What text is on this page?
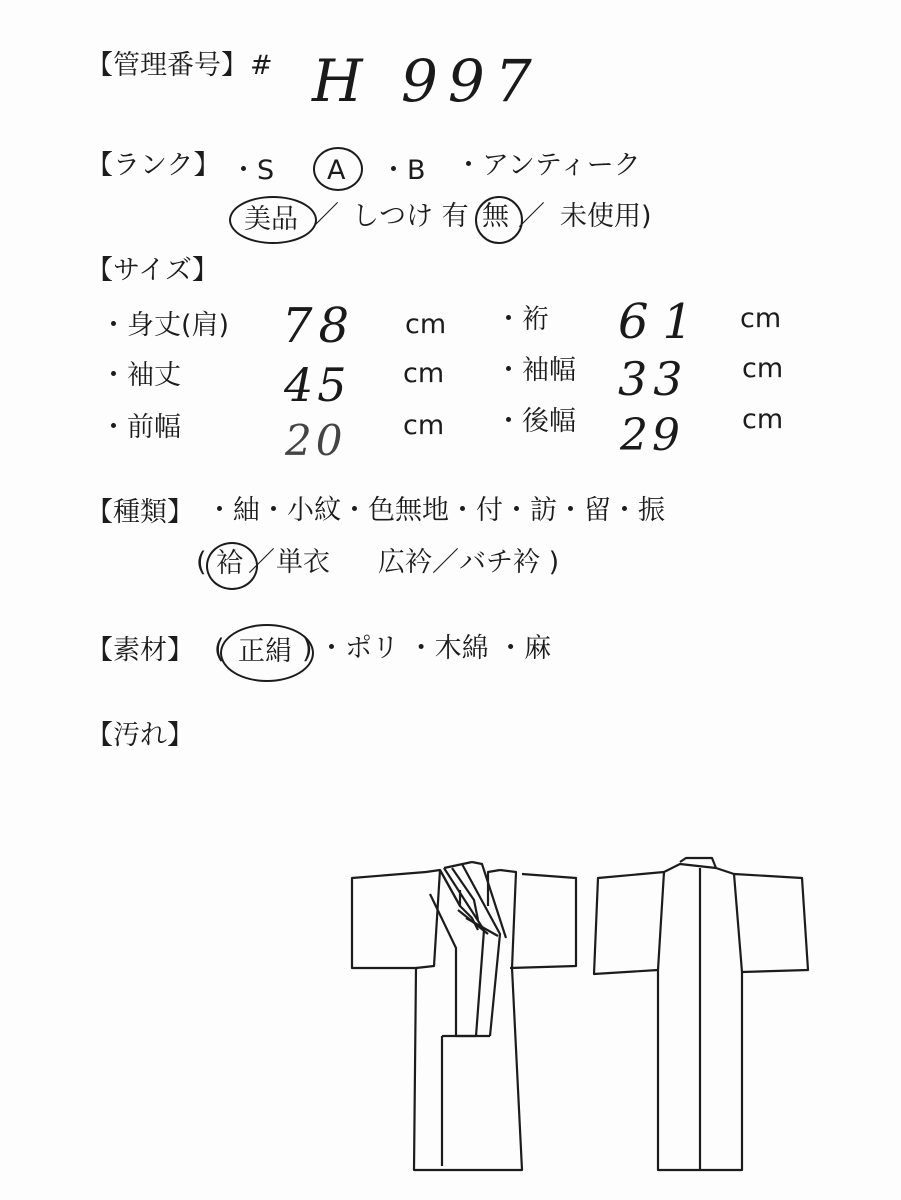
【管理番号】 # H 997
【ランク】 ・S A ・B ・アンティーク
美品 ／ しつけ 有 無 ／ 未使用)
【サイズ】
・身丈(肩) 78 cm ・裄 61 cm
・袖丈 45 cm ・袖幅 33 cm
・前幅 20 cm ・後幅 29 cm
【種類】 ・紬・小紋・色無地・付・訪・留・振
( 袷 ／ 単衣 広衿／バチ衿 )
【素材】 ( 正絹 ) ・ポリ ・木綿 ・麻
【汚れ】
